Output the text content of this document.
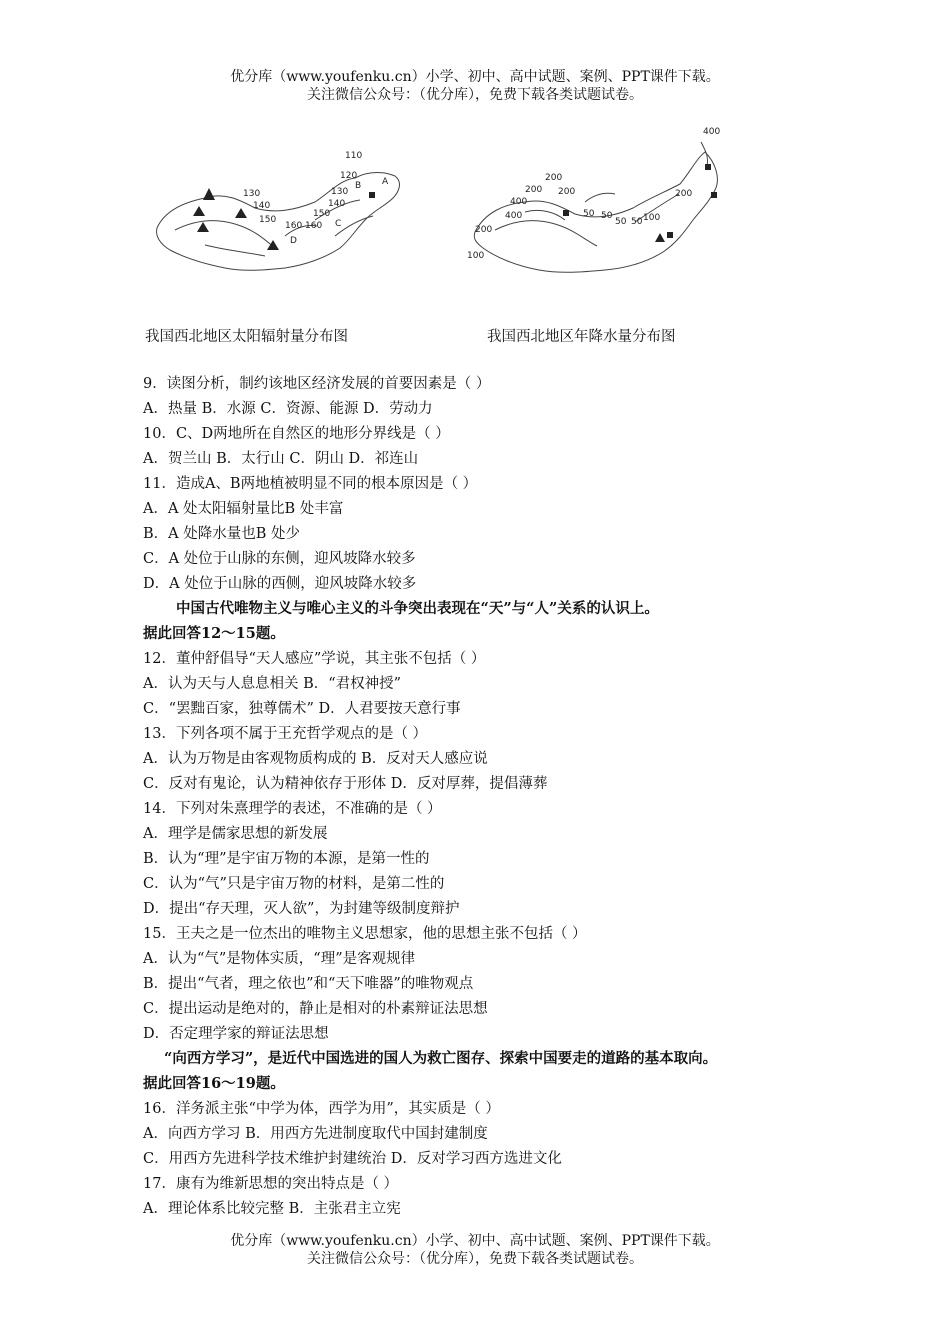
优分库（www.youfenku.cn）小学、初中、高中试题、案例、PPT课件下载。
关注微信公众号：（优分库），免费下载各类试题试卷。
110
120
130	130
140	140
150
150
160 160
A
B
C
D
我国西北地区太阳辐射量分布图
400
200
200	200
400
400
200
100
50 50
50 50 100
200
我国西北地区年降水量分布图
9．读图分析，制约该地区经济发展的首要因素是（ ）
A．热量 B．水源 C．资源、能源 D．劳动力
10．C、D两地所在自然区的地形分界线是（ ）
A．贺兰山 B．太行山 C．阴山 D．祁连山
11．造成A、B两地植被明显不同的根本原因是（ ）
A．A 处太阳辐射量比B 处丰富
B．A 处降水量也B 处少
C．A 处位于山脉的东侧，迎风坡降水较多
D．A 处位于山脉的西侧，迎风坡降水较多
中国古代唯物主义与唯心主义的斗争突出表现在“天”与“人”关系的认识上。
据此回答12～15题。
12．董仲舒倡导“天人感应”学说，其主张不包括（ ）
A．认为天与人息息相关 B．“君权神授”
C．“罢黜百家，独尊儒术” D．人君要按天意行事
13．下列各项不属于王充哲学观点的是（ ）
A．认为万物是由客观物质构成的 B．反对天人感应说
C．反对有鬼论，认为精神依存于形体 D．反对厚葬，提倡薄葬
14．下列对朱熹理学的表述，不准确的是（ ）
A．理学是儒家思想的新发展
B．认为“理”是宇宙万物的本源，是第一性的
C．认为“气”只是宇宙万物的材料，是第二性的
D．提出“存天理，灭人欲”，为封建等级制度辩护
15．王夫之是一位杰出的唯物主义思想家，他的思想主张不包括（ ）
A．认为“气”是物体实质，“理”是客观规律
B．提出“气者，理之依也”和“天下唯器”的唯物观点
C．提出运动是绝对的，静止是相对的朴素辩证法思想
D．否定理学家的辩证法思想
“向西方学习”，是近代中国选进的国人为救亡图存、探索中国要走的道路的基本取向。
据此回答16～19题。
16．洋务派主张“中学为体，西学为用”，其实质是（ ）
A．向西方学习 B．用西方先进制度取代中国封建制度
C．用西方先进科学技术维护封建统治 D．反对学习西方选进文化
17．康有为维新思想的突出特点是（ ）
A．理论体系比较完整 B．主张君主立宪
优分库（www.youfenku.cn）小学、初中、高中试题、案例、PPT课件下载。
关注微信公众号：（优分库），免费下载各类试题试卷。
